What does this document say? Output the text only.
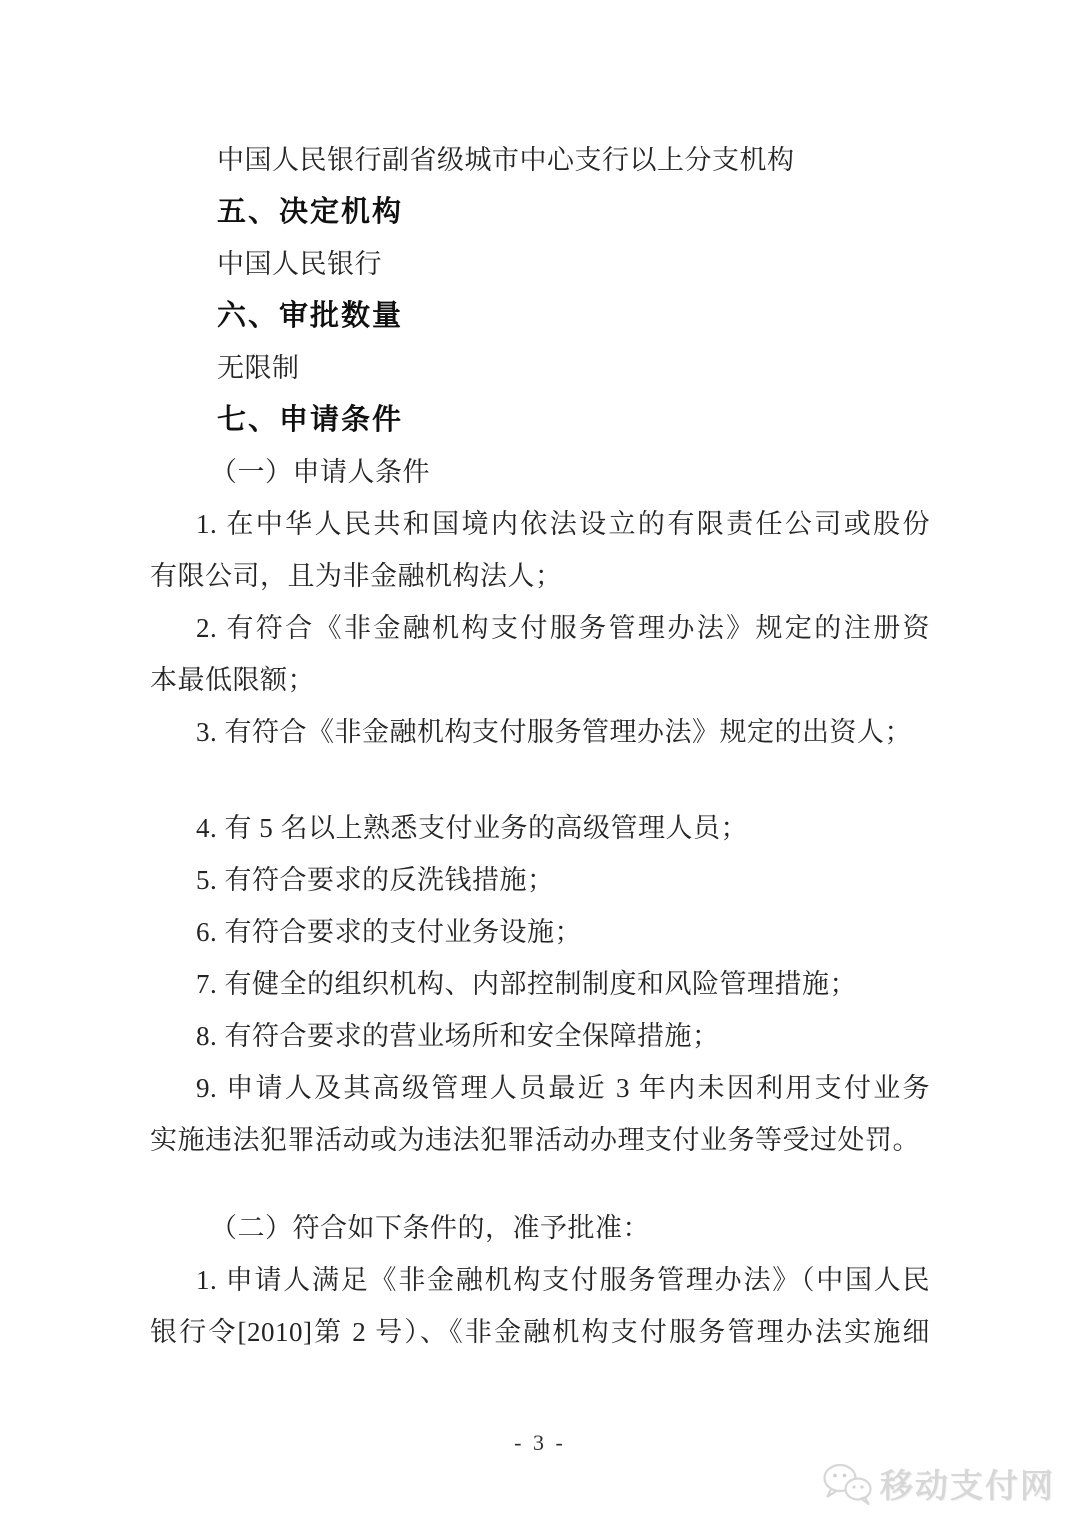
中国人民银行副省级城市中心支行以上分支机构

五、决定机构

中国人民银行

六、审批数量

无限制

七、申请条件

（一）申请人条件

1. 在中华人民共和国境内依法设立的有限责任公司或股份

有限公司，且为非金融机构法人；

2. 有符合《非金融机构支付服务管理办法》规定的注册资

本最低限额；

3. 有符合《非金融机构支付服务管理办法》规定的出资人；

4. 有 5 名以上熟悉支付业务的高级管理人员；

5. 有符合要求的反洗钱措施；

6. 有符合要求的支付业务设施；

7. 有健全的组织机构、内部控制制度和风险管理措施；

8. 有符合要求的营业场所和安全保障措施；

9. 申请人及其高级管理人员最近 3 年内未因利用支付业务

实施违法犯罪活动或为违法犯罪活动办理支付业务等受过处罚。

（二）符合如下条件的，准予批准：

1. 申请人满足《非金融机构支付服务管理办法》（中国人民

银行令[2010]第 2 号）、《非金融机构支付服务管理办法实施细

- 3 -
移动支付网
